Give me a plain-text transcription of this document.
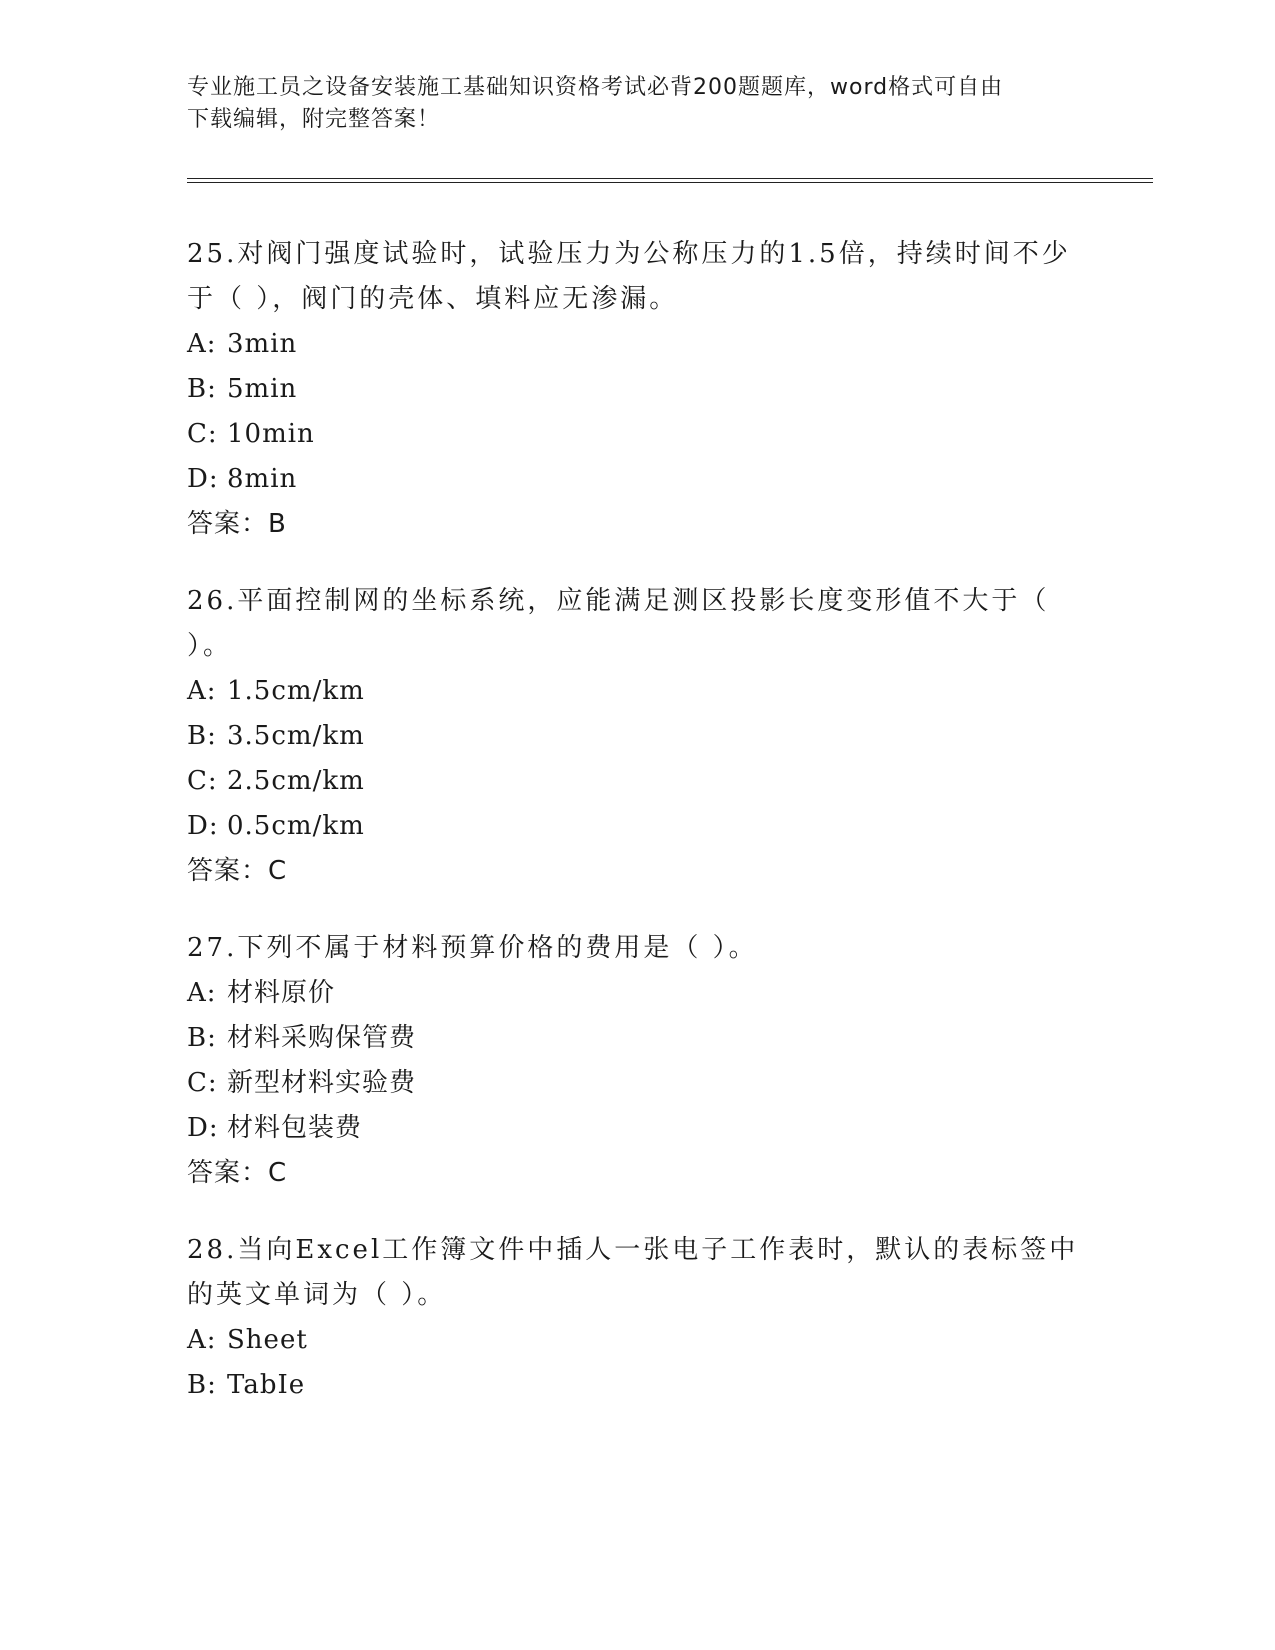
专业施工员之设备安装施工基础知识资格考试必背200题题库，word格式可自由
下载编辑，附完整答案！
25.对阀门强度试验时，试验压力为公称压力的1.5倍，持续时间不少
于（ ），阀门的壳体、填料应无渗漏。
A: 3min
B: 5min
C: 10min
D: 8min
答案：B
26.平面控制网的坐标系统，应能满足测区投影长度变形值不大于（
）。
A: 1.5cm/km
B: 3.5cm/km
C: 2.5cm/km
D: 0.5cm/km
答案：C
27.下列不属于材料预算价格的费用是（ ）。
A: 材料原价
B: 材料采购保管费
C: 新型材料实验费
D: 材料包装费
答案：C
28.当向Excel工作簿文件中插人一张电子工作表时，默认的表标签中
的英文单词为（ ）。
A: Sheet
B: TabIe
